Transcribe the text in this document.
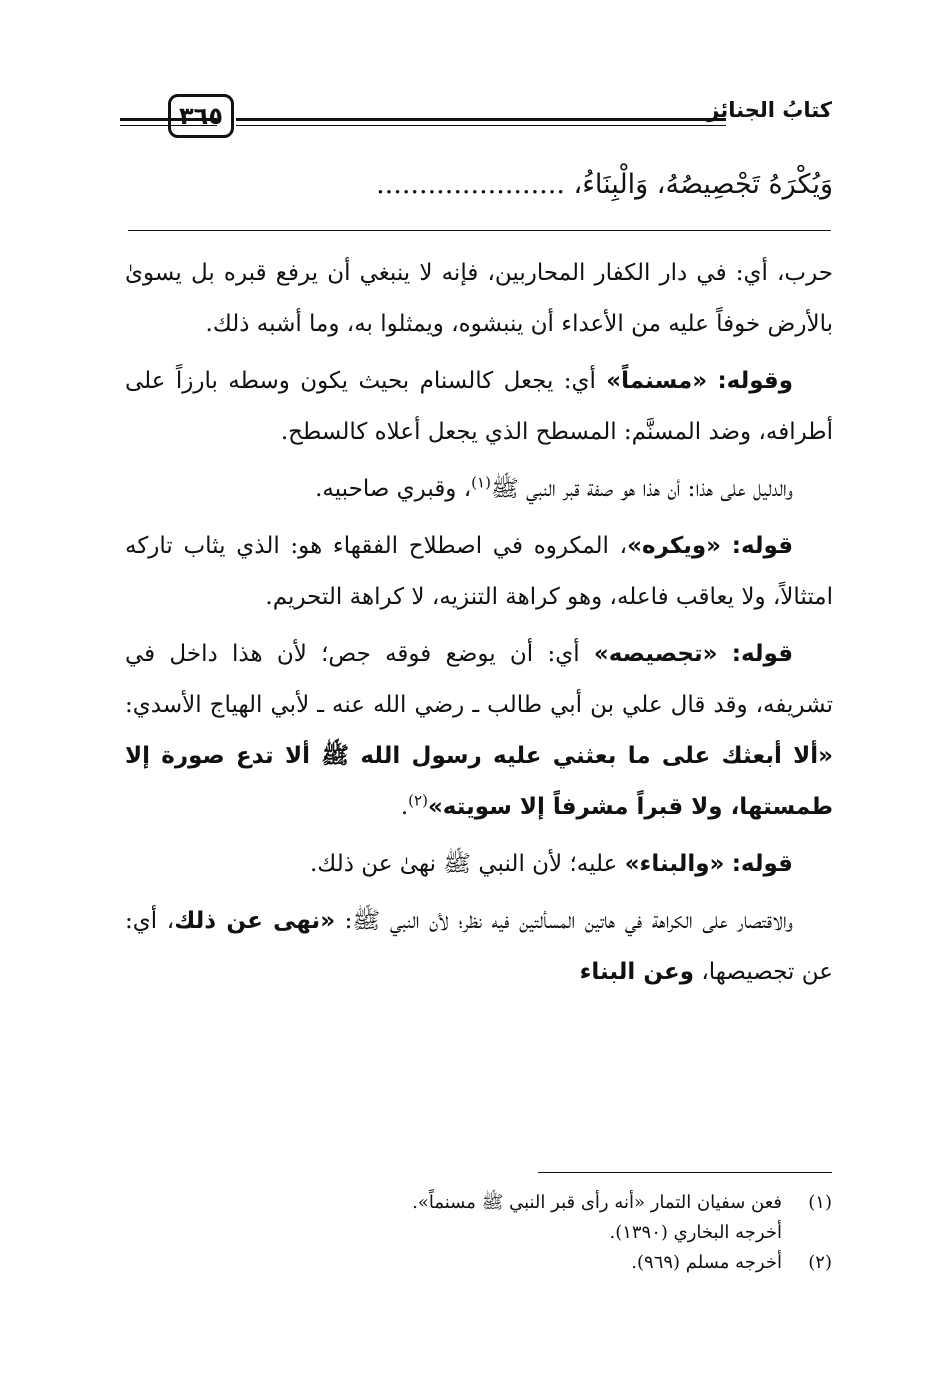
كتابُ الجنائز
٣٦٥
وَيُكْرَهُ تَجْصِيصُهُ، وَالْبِنَاءُ، ......................

حرب، أي: في دار الكفار المحاربين، فإنه لا ينبغي أن يرفع قبره بل يسوىٰ بالأرض خوفاً عليه من الأعداء أن ينبشوه، ويمثلوا به، وما أشبه ذلك.

وقوله: «مسنماً» أي: يجعل كالسنام بحيث يكون وسطه بارزاً على أطرافه، وضد المسنَّم: المسطح الذي يجعل أعلاه كالسطح.

والدليل على هذا: أن هذا هو صفة قبر النبي ﷺ$^{(١)}$، وقبري صاحبيه.

قوله: «ويكره»، المكروه في اصطلاح الفقهاء هو: الذي يثاب تاركه امتثالاً، ولا يعاقب فاعله، وهو كراهة التنزيه، لا كراهة التحريم.

قوله: «تجصيصه» أي: أن يوضع فوقه جص؛ لأن هذا داخل في تشريفه، وقد قال علي بن أبي طالب ـ رضي الله عنه ـ لأبي الهياج الأسدي: «ألا أبعثك على ما بعثني عليه رسول الله ﷺ ألا تدع صورة إلا طمستها، ولا قبراً مشرفاً إلا سويته»$^{(٢)}$.

قوله: «والبناء» عليه؛ لأن النبي ﷺ نهىٰ عن ذلك.

والاقتصار على الكراهة في هاتين المسألتين فيه نظر؛ لأن النبي ﷺ: «نهى عن ذلك، أي: عن تجصيصها، وعن البناء

(١)
فعن سفيان التمار «أنه رأى قبر النبي ﷺ مسنماً».
أخرجه البخاري (١٣٩٠).
(٢)
أخرجه مسلم (٩٦٩).
